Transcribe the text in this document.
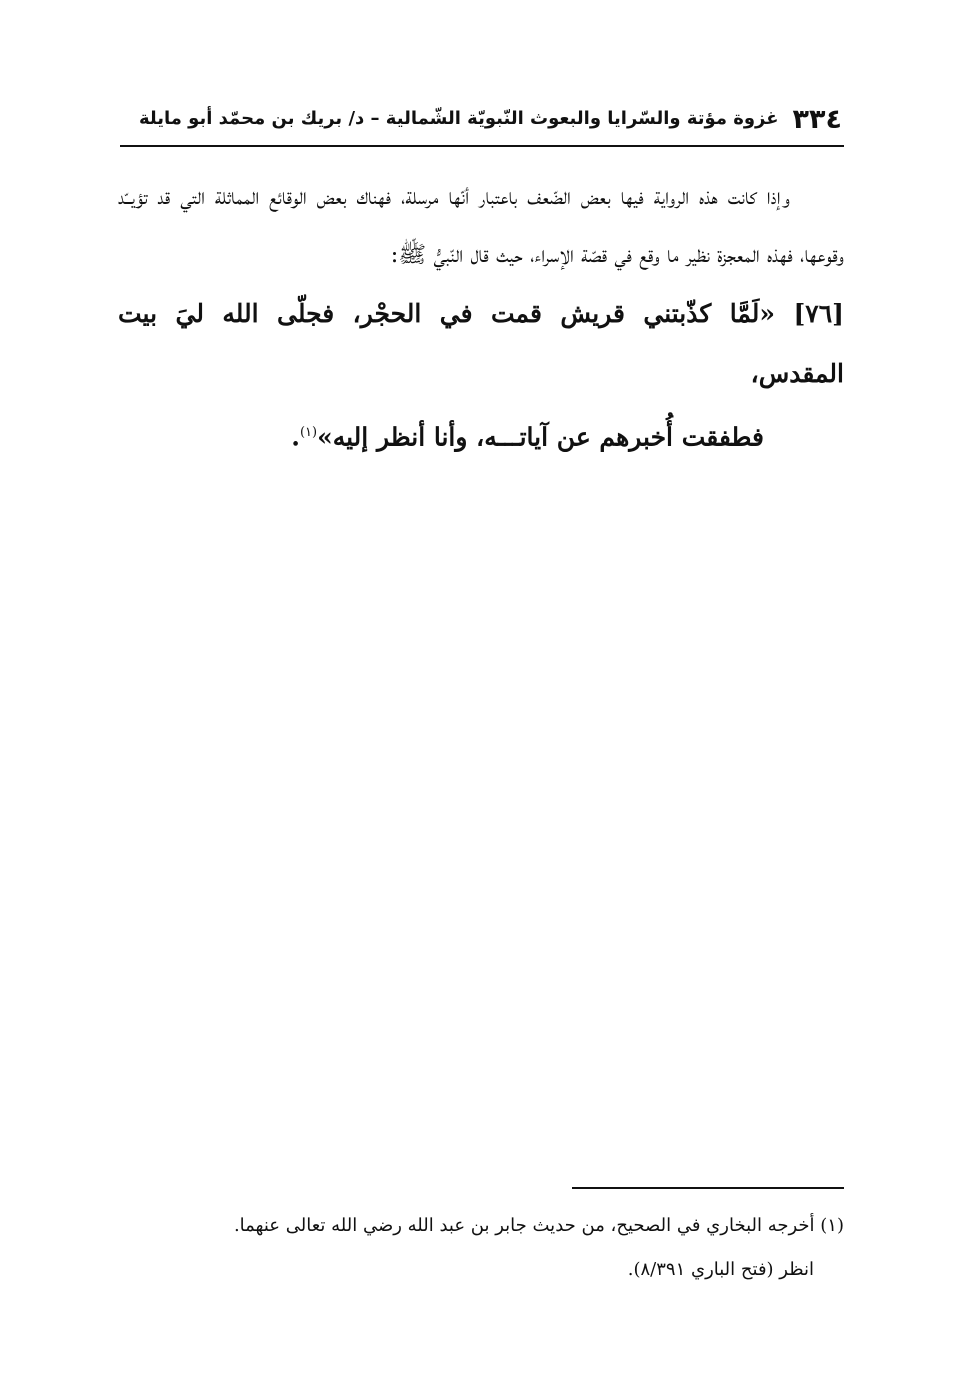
٣٣٤
غزوة مؤتة والسّرايا والبعوث النّبويّة الشّمالية – د/ بريك بن محمّد أبو مايلة

وإذا كانت هذه الرواية فيها بعض الضّعف باعتبار أنّها مرسلة، فهناك بعض الوقائع المماثلة التي قد تؤيــّد وقوعها، فهذه المعجزة نظير ما وقع في قصّة الإسراء، حيث قال النّبيُّ ﷺ:

[٧٦] «لَمَّا كذّبتني قريش قمت في الحجْر، فجلّى الله ليَ بيت المقدس،

فطفقت أُخبرهم عن آياتـــه، وأنا أنظر إليه»$^{(١)}$.

(١) أخرجه البخاري في الصحيح، من حديث جابر بن عبد الله رضي الله تعالى عنهما.

انظر (فتح الباري ٨/٣٩١).
